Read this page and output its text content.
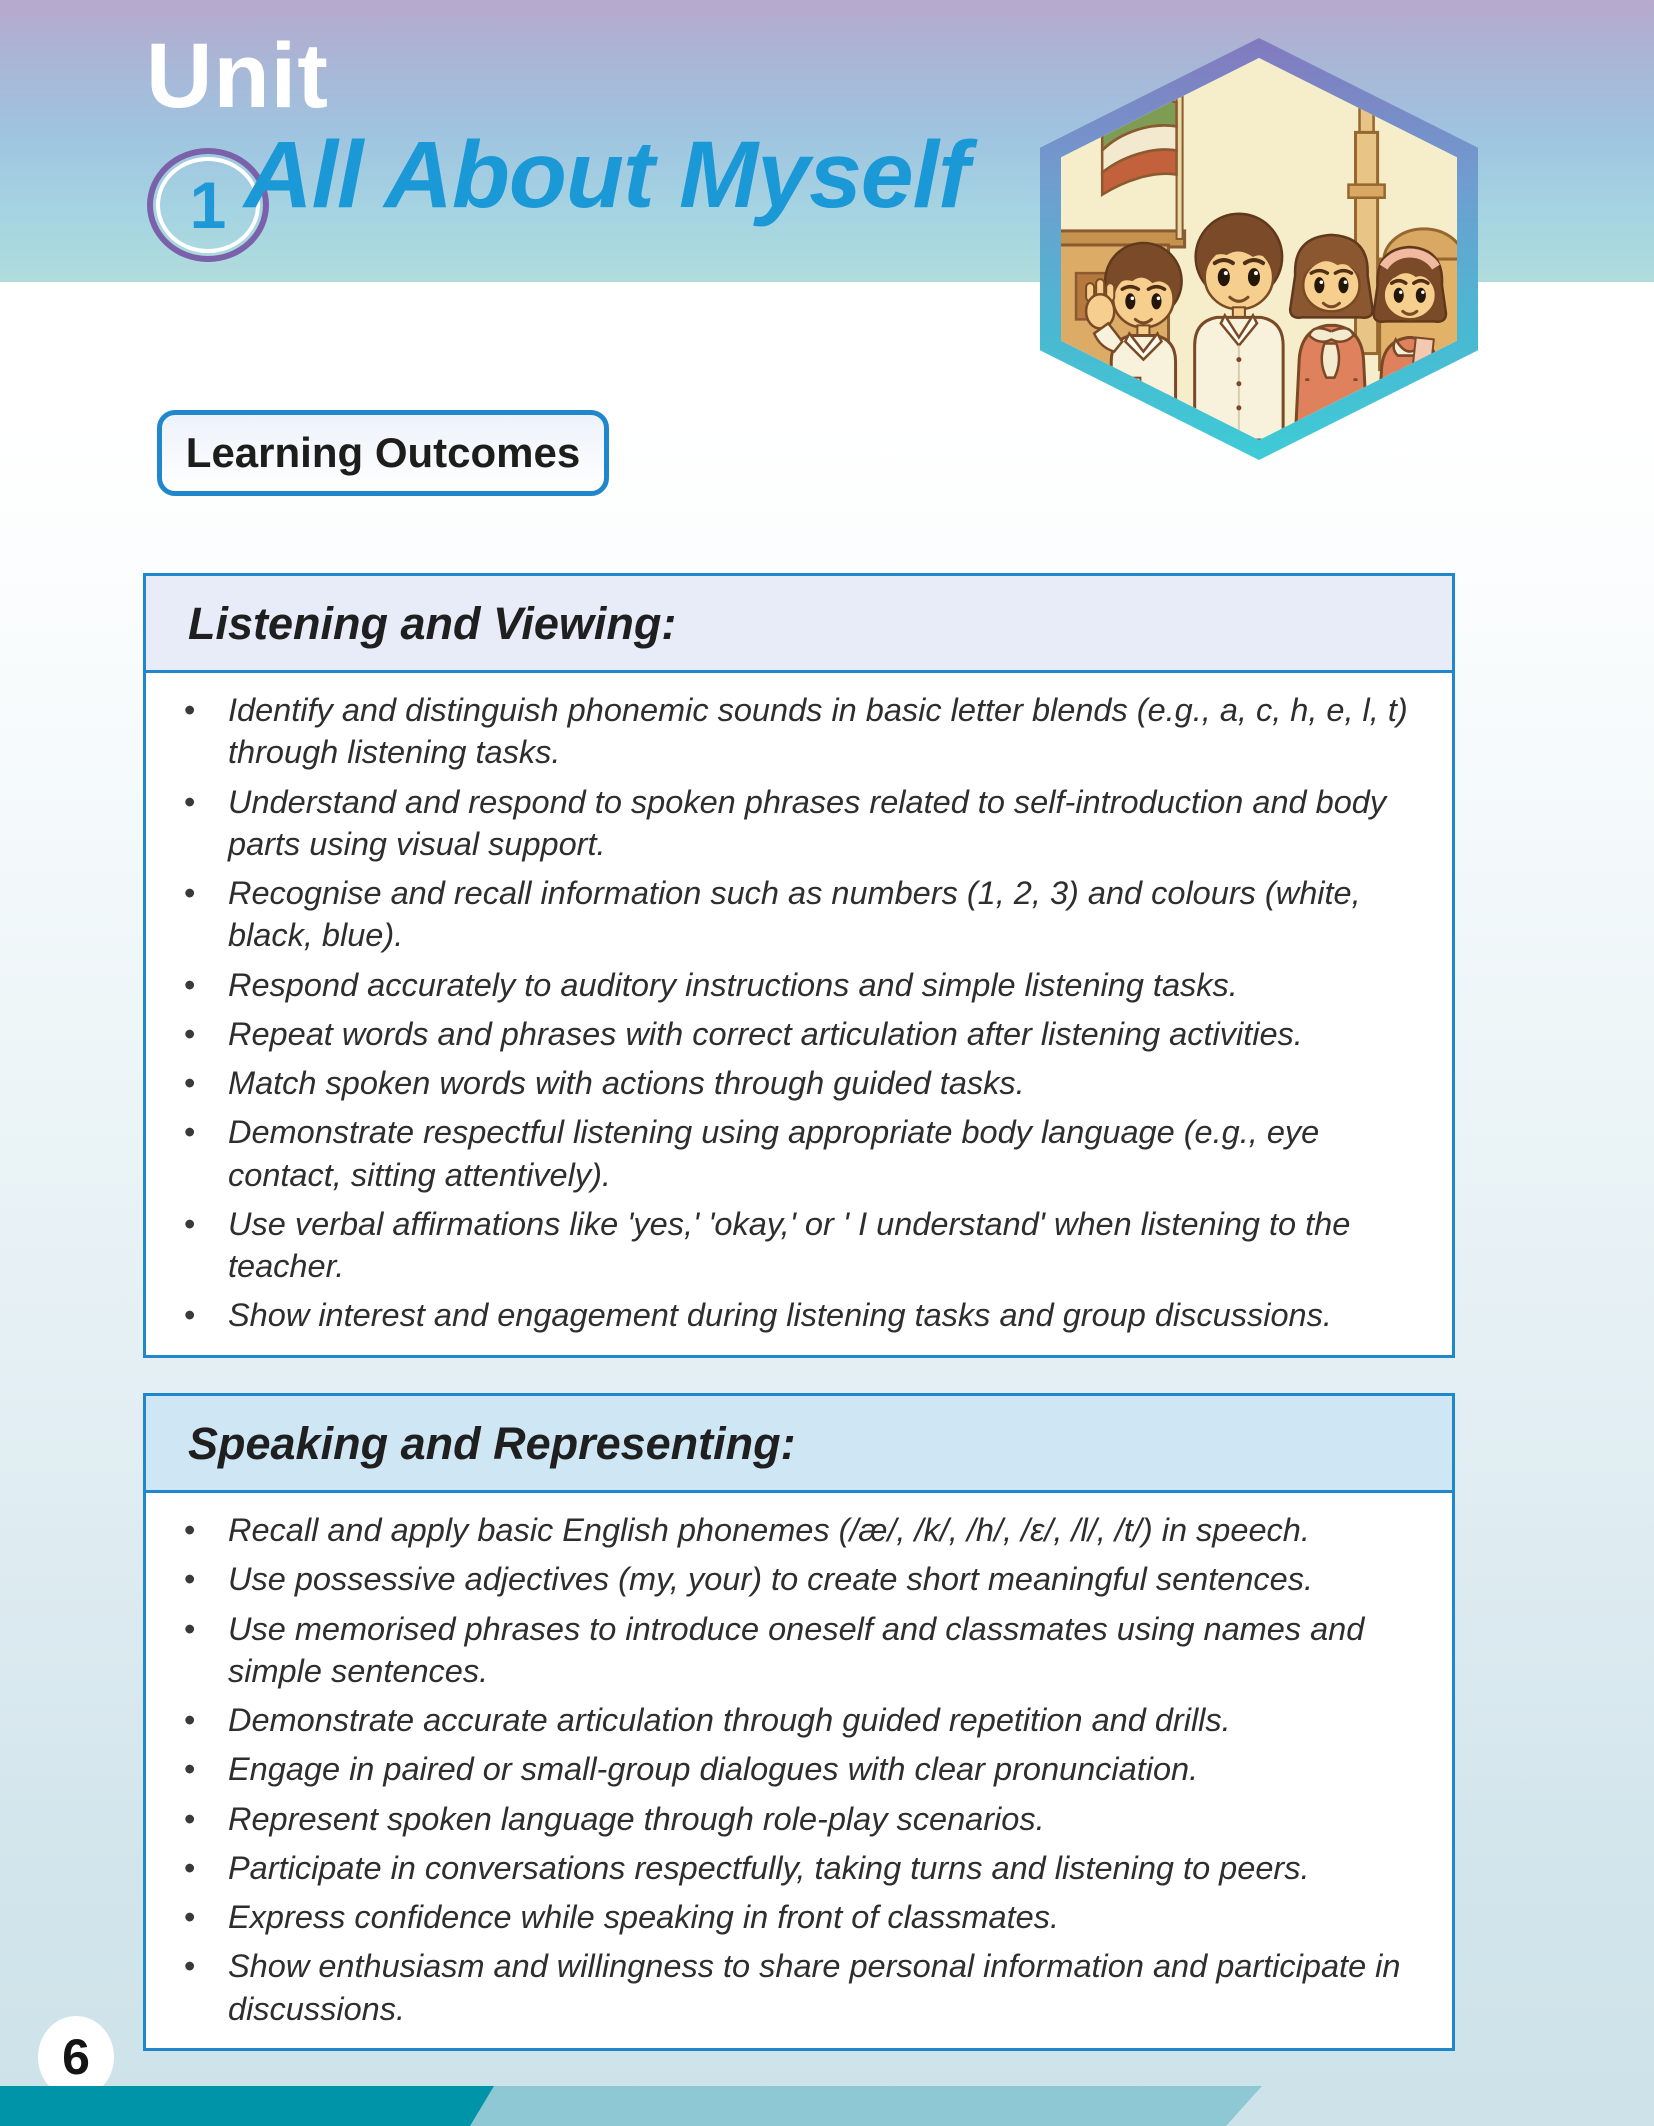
Unit
1 All About Myself
Learning Outcomes
Listening and Viewing:
•	Identify and distinguish phonemic sounds in basic letter blends (e.g., a, c, h, e, l, t) through listening tasks.
•	Understand and respond to spoken phrases related to self-introduction and body parts using visual support.
•	Recognise and recall information such as numbers (1, 2, 3) and colours (white, black, blue).
•	Respond accurately to auditory instructions and simple listening tasks.
•	Repeat words and phrases with correct articulation after listening activities.
•	Match spoken words with actions through guided tasks.
•	Demonstrate respectful listening using appropriate body language (e.g., eye contact, sitting attentively).
•	Use verbal affirmations like 'yes,' 'okay,' or ' I understand' when listening to the teacher.
•	Show interest and engagement during listening tasks and group discussions.
Speaking and Representing:
•	Recall and apply basic English phonemes (/æ/, /k/, /h/, /ɛ/, /l/, /t/) in speech.
•	Use possessive adjectives (my, your) to create short meaningful sentences.
•	Use memorised phrases to introduce oneself and classmates using names and simple sentences.
•	Demonstrate accurate articulation through guided repetition and drills.
•	Engage in paired or small-group dialogues with clear pronunciation.
•	Represent spoken language through role-play scenarios.
•	Participate in conversations respectfully, taking turns and listening to peers.
•	Express confidence while speaking in front of classmates.
•	Show enthusiasm and willingness to share personal information and participate in discussions.
6
